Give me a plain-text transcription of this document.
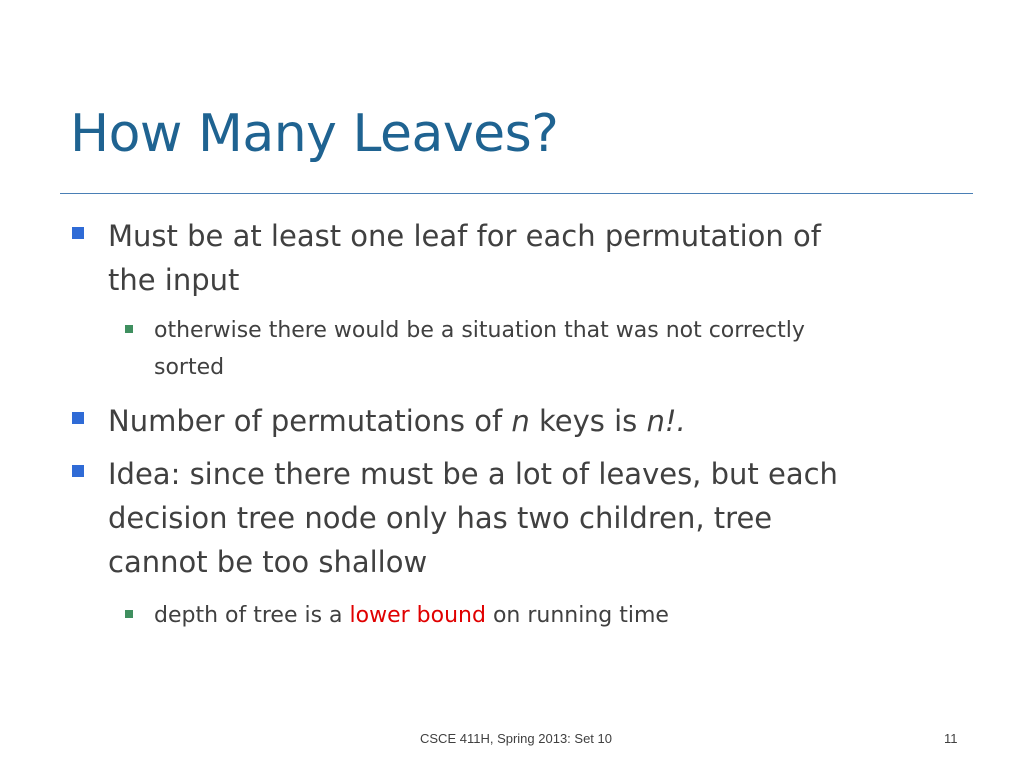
How Many Leaves?
Must be at least one leaf for each permutation of
the input
otherwise there would be a situation that was not correctly
sorted
Number of permutations of n keys is n!.
Idea: since there must be a lot of leaves, but each
decision tree node only has two children, tree
cannot be too shallow
depth of tree is a lower bound on running time
CSCE 411H, Spring 2013: Set 10	11
